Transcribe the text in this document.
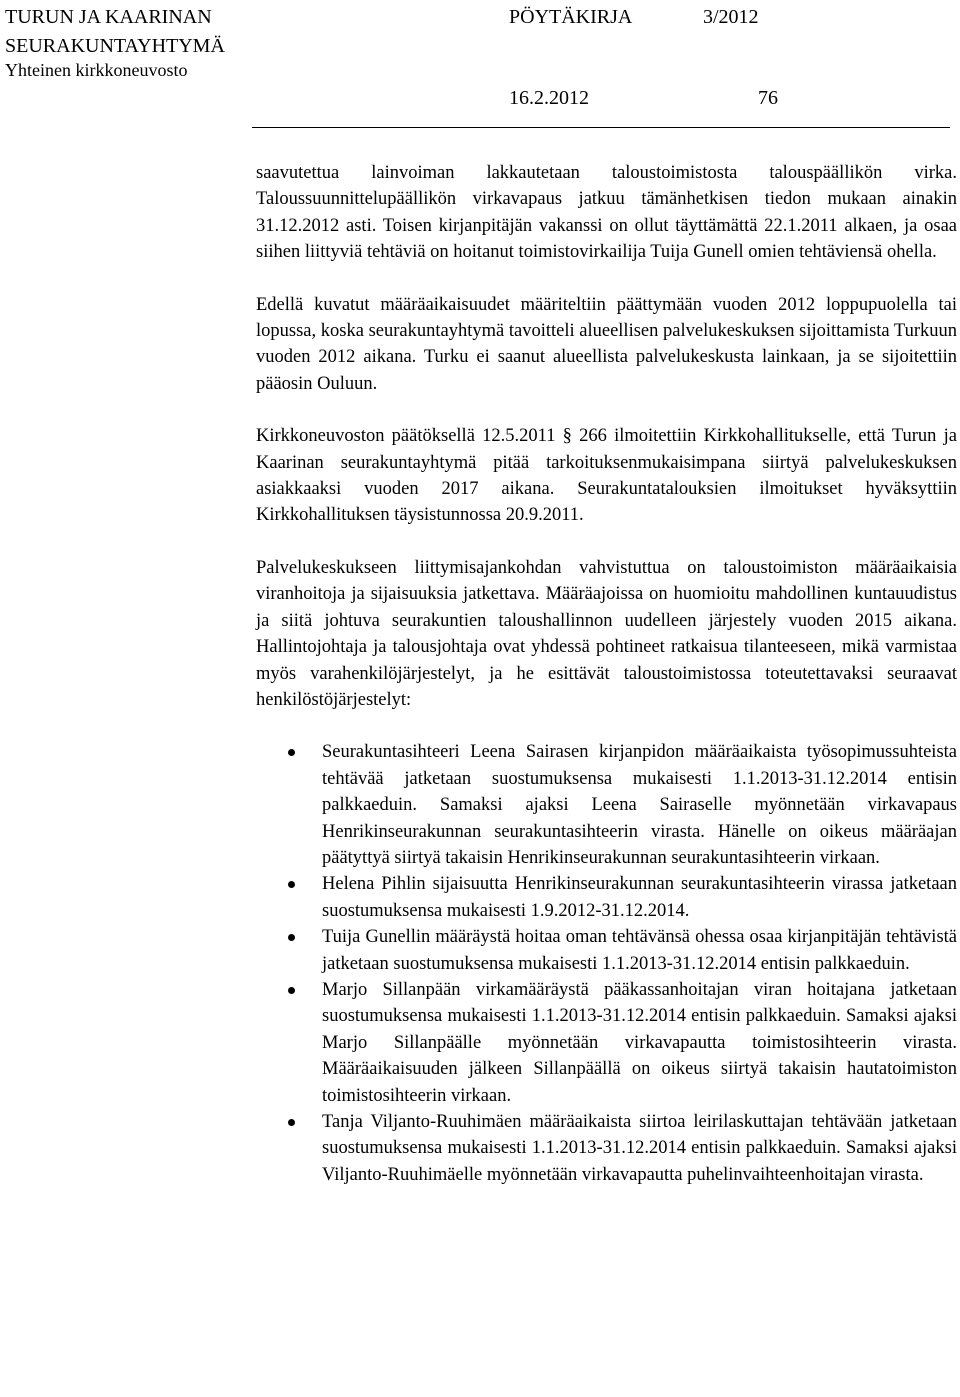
TURUN JA KAARINAN
SEURAKUNTAYHTYMÄ
Yhteinen kirkkoneuvosto
PÖYTÄKIRJA	3/2012
16.2.2012	76

saavutettua lainvoiman lakkautetaan taloustoimistosta talouspäällikön virka. Taloussuunnittelupäällikön virkavapaus jatkuu tämänhetkisen tiedon mukaan ainakin 31.12.2012 asti. Toisen kirjanpitäjän vakanssi on ollut täyttämättä 22.1.2011 alkaen, ja osaa siihen liittyviä tehtäviä on hoitanut toimistovirkailija Tuija Gunell omien tehtäviensä ohella.

Edellä kuvatut määräaikaisuudet määriteltiin päättymään vuoden 2012 loppupuolella tai lopussa, koska seurakuntayhtymä tavoitteli alueellisen palvelukeskuksen sijoittamista Turkuun vuoden 2012 aikana. Turku ei saanut alueellista palvelukeskusta lainkaan, ja se sijoitettiin pääosin Ouluun.

Kirkkoneuvoston päätöksellä 12.5.2011 § 266 ilmoitettiin Kirkkohallitukselle, että Turun ja Kaarinan seurakuntayhtymä pitää tarkoituksenmukaisimpana siirtyä palvelukeskuksen asiakkaaksi vuoden 2017 aikana. Seurakuntatalouksien ilmoitukset hyväksyttiin Kirkkohallituksen täysistunnossa 20.9.2011.

Palvelukeskukseen liittymisajankohdan vahvistuttua on taloustoimiston määräaikaisia viranhoitoja ja sijaisuuksia jatkettava. Määräajoissa on huomioitu mahdollinen kuntauudistus ja siitä johtuva seurakuntien taloushallinnon uudelleen järjestely vuoden 2015 aikana. Hallintojohtaja ja talousjohtaja ovat yhdessä pohtineet ratkaisua tilanteeseen, mikä varmistaa myös varahenkilöjärjestelyt, ja he esittävät taloustoimistossa toteutettavaksi seuraavat henkilöstöjärjestelyt:

Seurakuntasihteeri Leena Sairasen kirjanpidon määräaikaista työsopimussuhteista tehtävää jatketaan suostumuksensa mukaisesti 1.1.2013-31.12.2014 entisin palkkaeduin. Samaksi ajaksi Leena Sairaselle myönnetään virkavapaus Henrikinseurakunnan seurakuntasihteerin virasta. Hänelle on oikeus määräajan päätyttyä siirtyä takaisin Henrikinseurakunnan seurakuntasihteerin virkaan.
Helena Pihlin sijaisuutta Henrikinseurakunnan seurakuntasihteerin virassa jatketaan suostumuksensa mukaisesti 1.9.2012-31.12.2014.
Tuija Gunellin määräystä hoitaa oman tehtävänsä ohessa osaa kirjanpitäjän tehtävistä jatketaan suostumuksensa mukaisesti 1.1.2013-31.12.2014 entisin palkkaeduin.
Marjo Sillanpään virkamääräystä pääkassanhoitajan viran hoitajana jatketaan suostumuksensa mukaisesti 1.1.2013-31.12.2014 entisin palkkaeduin. Samaksi ajaksi Marjo Sillanpäälle myönnetään virkavapautta toimistosihteerin virasta. Määräaikaisuuden jälkeen Sillanpäällä on oikeus siirtyä takaisin hautatoimiston toimistosihteerin virkaan.
Tanja Viljanto-Ruuhimäen määräaikaista siirtoa leirilaskuttajan tehtävään jatketaan suostumuksensa mukaisesti 1.1.2013-31.12.2014 entisin palkkaeduin. Samaksi ajaksi Viljanto-Ruuhimäelle myönnetään virkavapautta puhelinvaihteenhoitajan virasta.
